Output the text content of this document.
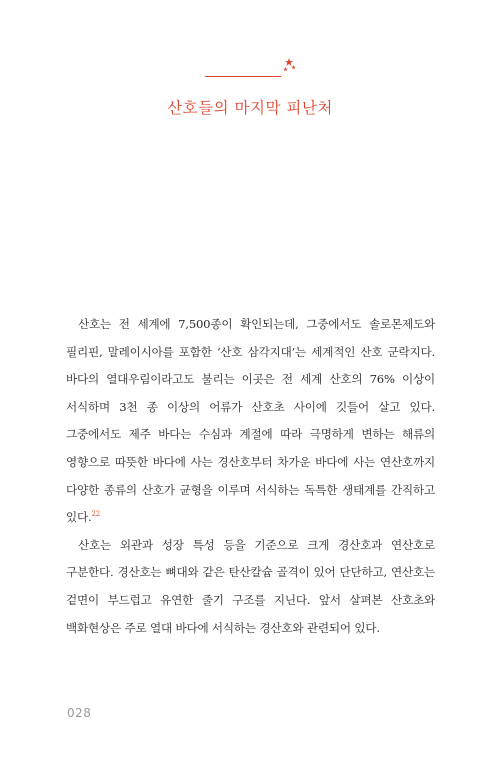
산호들의 마지막 피난처

산호는 전 세계에 7,500종이 확인되는데, 그중에서도 솔로몬제도와 필리핀, 말레이시아를 포함한 ‘산호 삼각지대’는 세계적인 산호 군락지다. 바다의 열대우림이라고도 불리는 이곳은 전 세계 산호의 76% 이상이 서식하며 3천 종 이상의 어류가 산호초 사이에 깃들어 살고 있다. 그중에서도 제주 바다는 수심과 계절에 따라 극명하게 변하는 해류의 영향으로 따뜻한 바다에 사는 경산호부터 차가운 바다에 사는 연산호까지 다양한 종류의 산호가 균형을 이루며 서식하는 독특한 생태계를 간직하고 있다.$^{22}$

산호는 외관과 성장 특성 등을 기준으로 크게 경산호과 연산호로 구분한다. 경산호는 뼈대와 같은 탄산칼슘 골격이 있어 단단하고, 연산호는 겉면이 부드럽고 유연한 줄기 구조를 지닌다. 앞서 살펴본 산호초와 백화현상은 주로 열대 바다에 서식하는 경산호와 관련되어 있다.

028
